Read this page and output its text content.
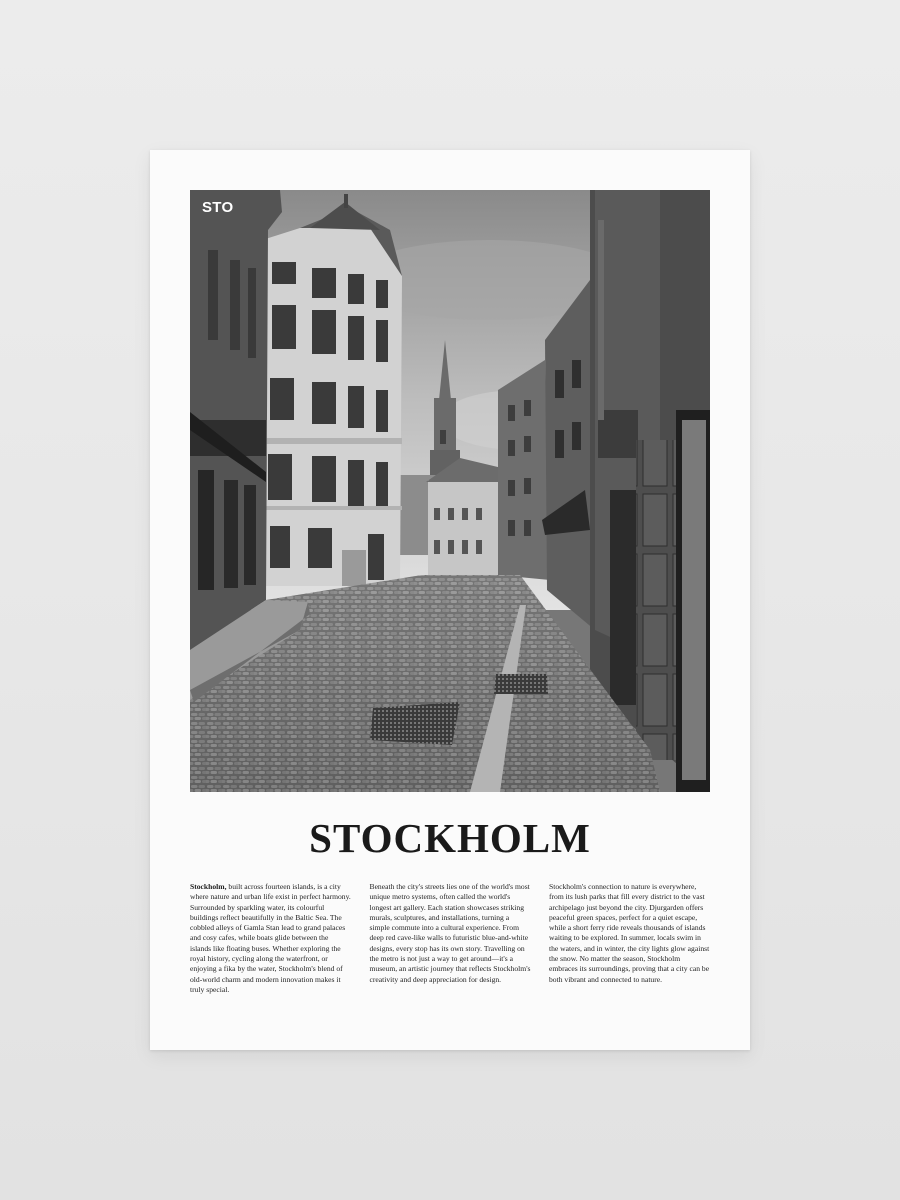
STO
STOCKHOLM
Stockholm, built across fourteen islands, is a city where nature and urban life exist in perfect harmony. Surrounded by sparkling water, its colourful buildings reflect beautifully in the Baltic Sea. The cobbled alleys of Gamla Stan lead to grand palaces and cosy cafes, while boats glide between the islands like floating buses. Whether exploring the royal history, cycling along the waterfront, or enjoying a fika by the water, Stockholm's blend of old-world charm and modern innovation makes it truly special.
Beneath the city's streets lies one of the world's most unique metro systems, often called the world's longest art gallery. Each station showcases striking murals, sculptures, and installations, turning a simple commute into a cultural experience. From deep red cave-like walls to futuristic blue-and-white designs, every stop has its own story. Travelling on the metro is not just a way to get around—it's a museum, an artistic journey that reflects Stockholm's creativity and deep appreciation for design.
Stockholm's connection to nature is everywhere, from its lush parks that fill every district to the vast archipelago just beyond the city. Djurgarden offers peaceful green spaces, perfect for a quiet escape, while a short ferry ride reveals thousands of islands waiting to be explored. In summer, locals swim in the waters, and in winter, the city lights glow against the snow. No matter the season, Stockholm embraces its surroundings, proving that a city can be both vibrant and connected to nature.
